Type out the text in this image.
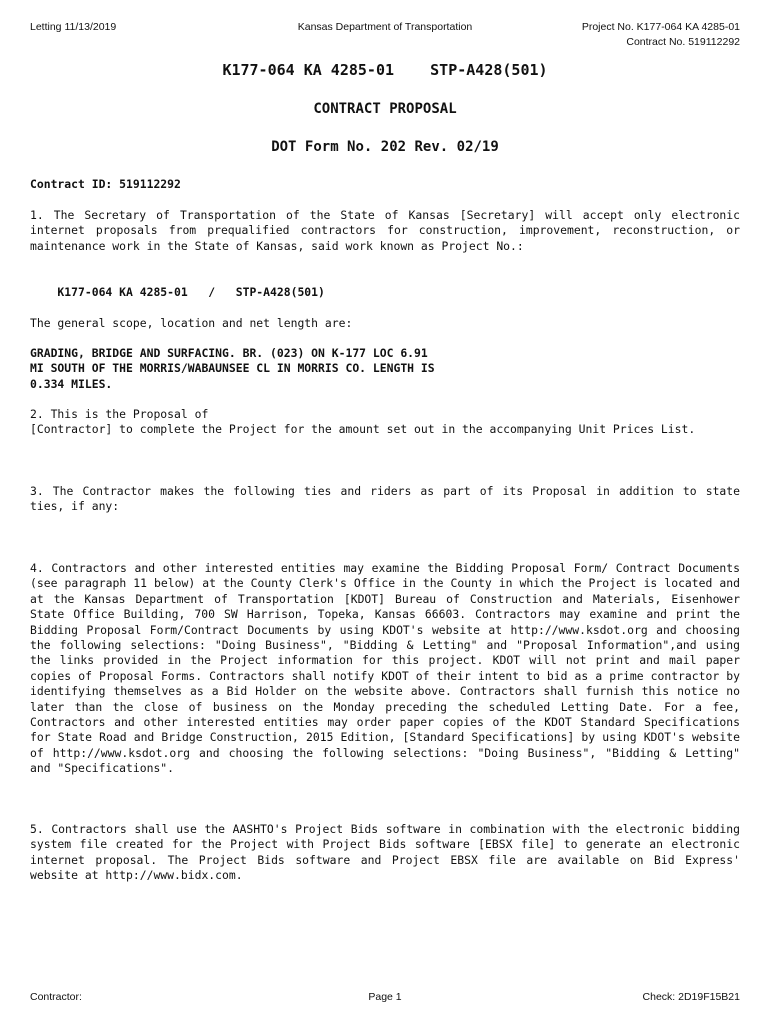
Letting 11/13/2019	Kansas Department of Transportation	Project No. K177-064 KA 4285-01
Contract No. 519112292
K177-064 KA 4285-01    STP-A428(501)
CONTRACT PROPOSAL
DOT Form No. 202 Rev. 02/19

Contract ID: 519112292

1. The Secretary of Transportation of the State of Kansas [Secretary] will accept only electronic internet proposals from prequalified contractors for construction, improvement, reconstruction, or maintenance work in the State of Kansas, said work known as Project No.:

K177-064 KA 4285-01   /   STP-A428(501)

The general scope, location and net length are:

GRADING, BRIDGE AND SURFACING. BR. (023) ON K-177 LOC 6.91
MI SOUTH OF THE MORRIS/WABAUNSEE CL IN MORRIS CO. LENGTH IS
0.334 MILES.
2. This is the Proposal of
[Contractor] to complete the Project for the amount set out in the accompanying Unit Prices List.

3. The Contractor makes the following ties and riders as part of its Proposal in addition to state ties, if any:

4. Contractors and other interested entities may examine the Bidding Proposal Form/ Contract Documents (see paragraph 11 below) at the County Clerk's Office in the County in which the Project is located and at the Kansas Department of Transportation [KDOT] Bureau of Construction and Materials, Eisenhower State Office Building, 700 SW Harrison, Topeka, Kansas 66603. Contractors may examine and print the Bidding Proposal Form/Contract Documents by using KDOT's website at http://www.ksdot.org and choosing the following selections: "Doing Business", "Bidding & Letting" and "Proposal Information",and using the links provided in the Project information for this project. KDOT will not print and mail paper copies of Proposal Forms. Contractors shall notify KDOT of their intent to bid as a prime contractor by identifying themselves as a Bid Holder on the website above. Contractors shall furnish this notice no later than the close of business on the Monday preceding the scheduled Letting Date. For a fee, Contractors and other interested entities may order paper copies of the KDOT Standard Specifications for State Road and Bridge Construction, 2015 Edition, [Standard Specifications] by using KDOT's website of http://www.ksdot.org and choosing the following selections: "Doing Business", "Bidding & Letting" and "Specifications".

5. Contractors shall use the AASHTO's Project Bids software in combination with the electronic bidding system file created for the Project with Project Bids software [EBSX file] to generate an electronic internet proposal. The Project Bids software and Project EBSX file are available on Bid Express' website at http://www.bidx.com.

Contractor:	Page 1	Check: 2D19F15B21
